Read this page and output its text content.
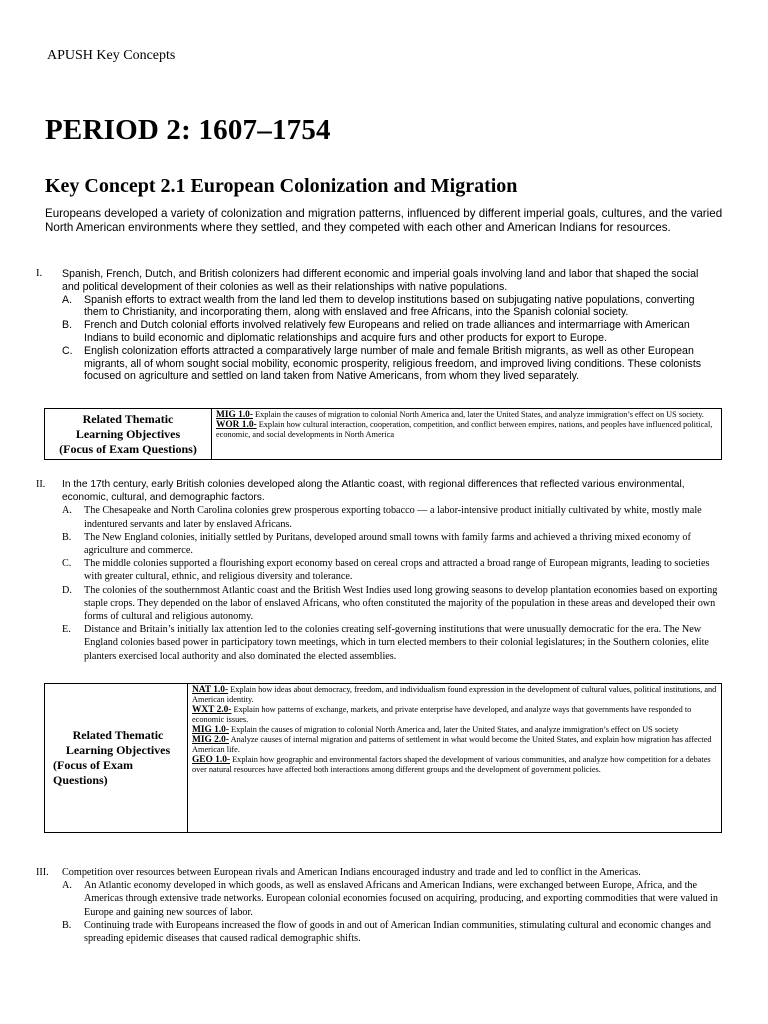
APUSH Key Concepts
PERIOD 2: 1607–1754
Key Concept 2.1 European Colonization and Migration
Europeans developed a variety of colonization and migration patterns, influenced by different imperial goals, cultures, and the varied North American environments where they settled, and they competed with each other and American Indians for resources.
I. Spanish, French, Dutch, and British colonizers had different economic and imperial goals involving land and labor that shaped the social and political development of their colonies as well as their relationships with native populations.
A. Spanish efforts to extract wealth from the land led them to develop institutions based on subjugating native populations, converting them to Christianity, and incorporating them, along with enslaved and free Africans, into the Spanish colonial society.
B. French and Dutch colonial efforts involved relatively few Europeans and relied on trade alliances and intermarriage with American Indians to build economic and diplomatic relationships and acquire furs and other products for export to Europe.
C. English colonization efforts attracted a comparatively large number of male and female British migrants, as well as other European migrants, all of whom sought social mobility, economic prosperity, religious freedom, and improved living conditions. These colonists focused on agriculture and settled on land taken from Native Americans, from whom they lived separately.
Related Thematic
Learning Objectives
(Focus of Exam Questions)

MIG 1.0- Explain the causes of migration to colonial North America and, later the United States, and analyze immigration’s effect on US society.

WOR 1.0- Explain how cultural interaction, cooperation, competition, and conflict between empires, nations, and peoples have influenced political, economic, and social developments in North America

II. In the 17th century, early British colonies developed along the Atlantic coast, with regional differences that reflected various environmental, economic, cultural, and demographic factors.
A. The Chesapeake and North Carolina colonies grew prosperous exporting tobacco — a labor-intensive product initially cultivated by white, mostly male indentured servants and later by enslaved Africans.
B. The New England colonies, initially settled by Puritans, developed around small towns with family farms and achieved a thriving mixed economy of agriculture and commerce.
C. The middle colonies supported a flourishing export economy based on cereal crops and attracted a broad range of European migrants, leading to societies with greater cultural, ethnic, and religious diversity and tolerance.
D. The colonies of the southernmost Atlantic coast and the British West Indies used long growing seasons to develop plantation economies based on exporting staple crops. They depended on the labor of enslaved Africans, who often constituted the majority of the population in these areas and developed their own forms of cultural and religious autonomy.
E. Distance and Britain’s initially lax attention led to the colonies creating self-governing institutions that were unusually democratic for the era. The New England colonies based power in participatory town meetings, which in turn elected members to their colonial legislatures; in the Southern colonies, elite planters exercised local authority and also dominated the elected assemblies.
Related Thematic
Learning Objectives
(Focus of Exam
Questions)

NAT 1.0- Explain how ideas about democracy, freedom, and individualism found expression in the development of cultural values, political institutions, and American identity.

WXT 2.0- Explain how patterns of exchange, markets, and private enterprise have developed, and analyze ways that governments have responded to economic issues.

MIG 1.0- Explain the causes of migration to colonial North America and, later the United States, and analyze immigration’s effect on US society

MIG 2.0- Analyze causes of internal migration and patterns of settlement in what would become the United States, and explain how migration has affected American life.

GEO 1.0- Explain how geographic and environmental factors shaped the development of various communities, and analyze how competition for a debates over natural resources have affected both interactions among different groups and the development of government policies.

III. Competition over resources between European rivals and American Indians encouraged industry and trade and led to conflict in the Americas.
A. An Atlantic economy developed in which goods, as well as enslaved Africans and American Indians, were exchanged between Europe, Africa, and the Americas through extensive trade networks. European colonial economies focused on acquiring, producing, and exporting commodities that were valued in Europe and gaining new sources of labor.
B. Continuing trade with Europeans increased the flow of goods in and out of American Indian communities, stimulating cultural and economic changes and spreading epidemic diseases that caused radical demographic shifts.
